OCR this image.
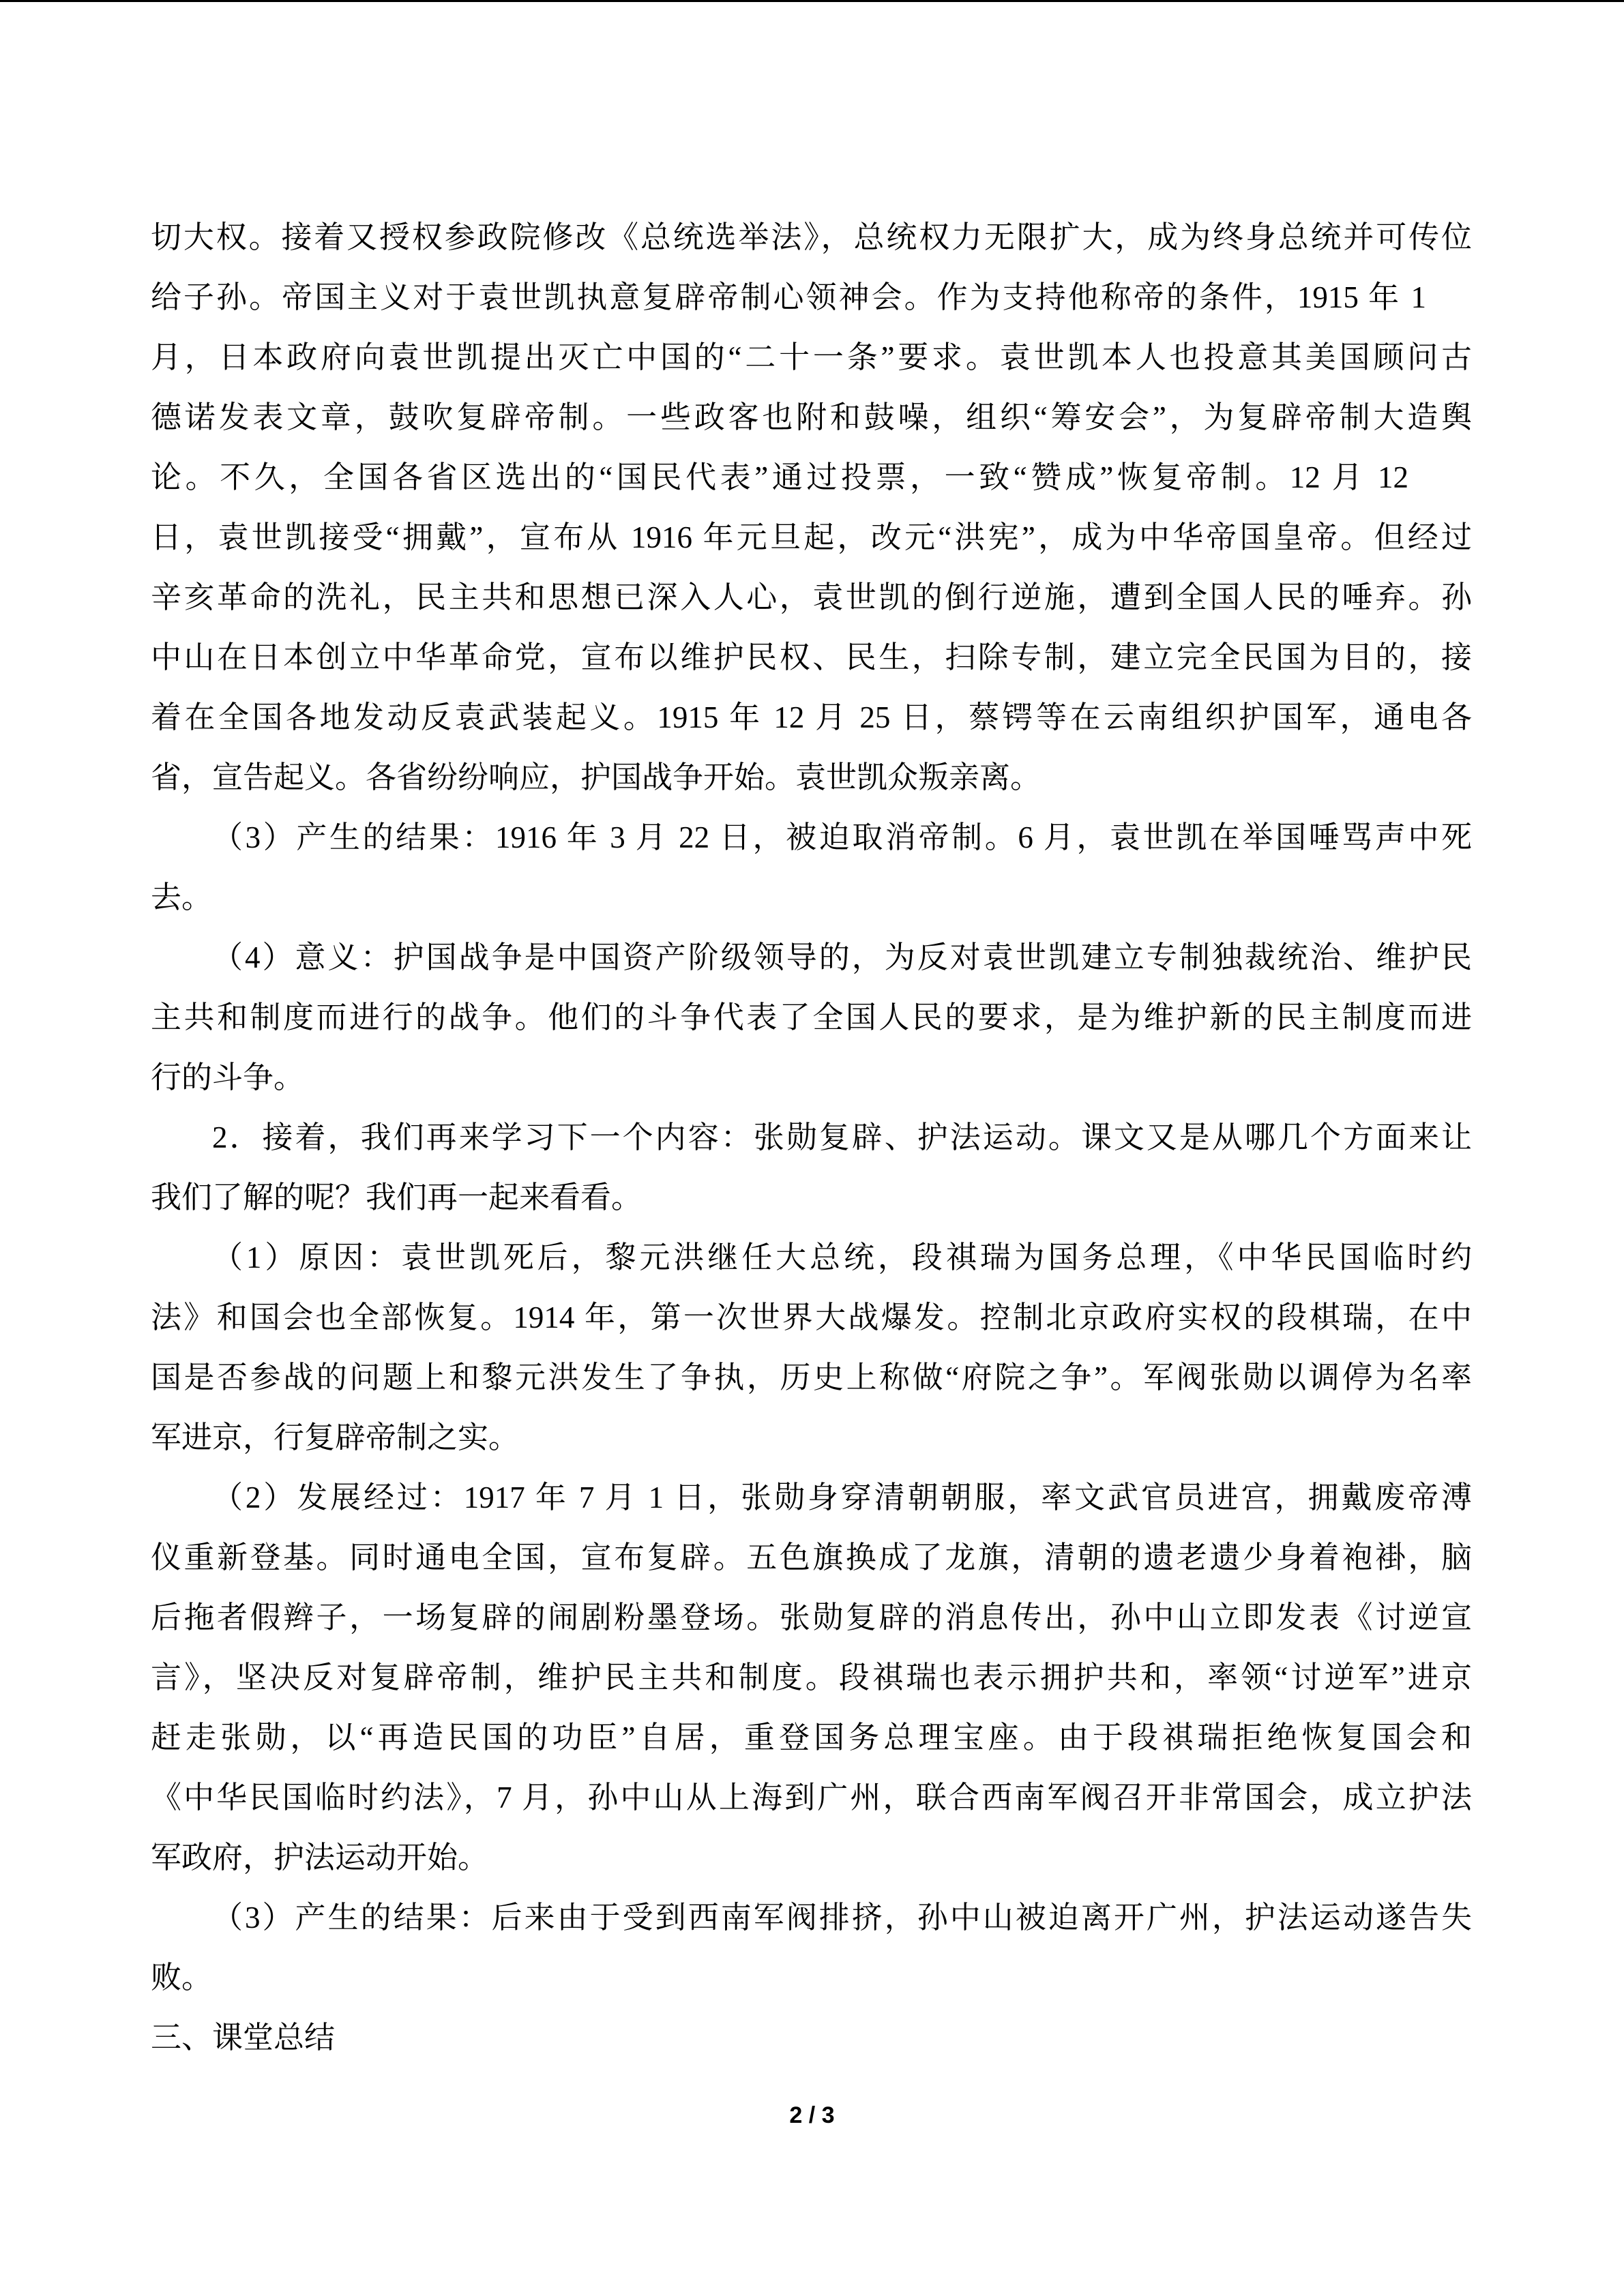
切大权。接着又授权参政院修改《总统选举法》，总统权力无限扩大，成为终身总统并可传位
给子孙。帝国主义对于袁世凯执意复辟帝制心领神会。作为支持他称帝的条件，1915 年 1
月，日本政府向袁世凯提出灭亡中国的“二十一条”要求。袁世凯本人也投意其美国顾问古
德诺发表文章，鼓吹复辟帝制。一些政客也附和鼓噪，组织“筹安会”，为复辟帝制大造舆
论。不久，全国各省区选出的“国民代表”通过投票，一致“赞成”恢复帝制。12 月 12
日，袁世凯接受“拥戴”，宣布从 1916 年元旦起，改元“洪宪”，成为中华帝国皇帝。但经过
辛亥革命的洗礼，民主共和思想已深入人心，袁世凯的倒行逆施，遭到全国人民的唾弃。孙
中山在日本创立中华革命党，宣布以维护民权、民生，扫除专制，建立完全民国为目的，接
着在全国各地发动反袁武装起义。1915 年 12 月 25 日，蔡锷等在云南组织护国军，通电各
省，宣告起义。各省纷纷响应，护国战争开始。袁世凯众叛亲离。
（3）产生的结果：1916 年 3 月 22 日，被迫取消帝制。6 月，袁世凯在举国唾骂声中死
去。
（4）意义：护国战争是中国资产阶级领导的，为反对袁世凯建立专制独裁统治、维护民
主共和制度而进行的战争。他们的斗争代表了全国人民的要求，是为维护新的民主制度而进
行的斗争。
2．接着，我们再来学习下一个内容：张勋复辟、护法运动。课文又是从哪几个方面来让
我们了解的呢？我们再一起来看看。
（1）原因：袁世凯死后，黎元洪继任大总统，段祺瑞为国务总理，《中华民国临时约
法》和国会也全部恢复。1914 年，第一次世界大战爆发。控制北京政府实权的段棋瑞，在中
国是否参战的问题上和黎元洪发生了争执，历史上称做“府院之争”。军阀张勋以调停为名率
军进京，行复辟帝制之实。
（2）发展经过：1917 年 7 月 1 日，张勋身穿清朝朝服，率文武官员进宫，拥戴废帝溥
仪重新登基。同时通电全国，宣布复辟。五色旗换成了龙旗，清朝的遗老遗少身着袍褂，脑
后拖者假辫子，一场复辟的闹剧粉墨登场。张勋复辟的消息传出，孙中山立即发表《讨逆宣
言》，坚决反对复辟帝制，维护民主共和制度。段祺瑞也表示拥护共和，率领“讨逆军”进京
赶走张勋，以“再造民国的功臣”自居，重登国务总理宝座。由于段祺瑞拒绝恢复国会和
《中华民国临时约法》，7 月，孙中山从上海到广州，联合西南军阀召开非常国会，成立护法
军政府，护法运动开始。
（3）产生的结果：后来由于受到西南军阀排挤，孙中山被迫离开广州，护法运动遂告失
败。
三、课堂总结
2 / 3
